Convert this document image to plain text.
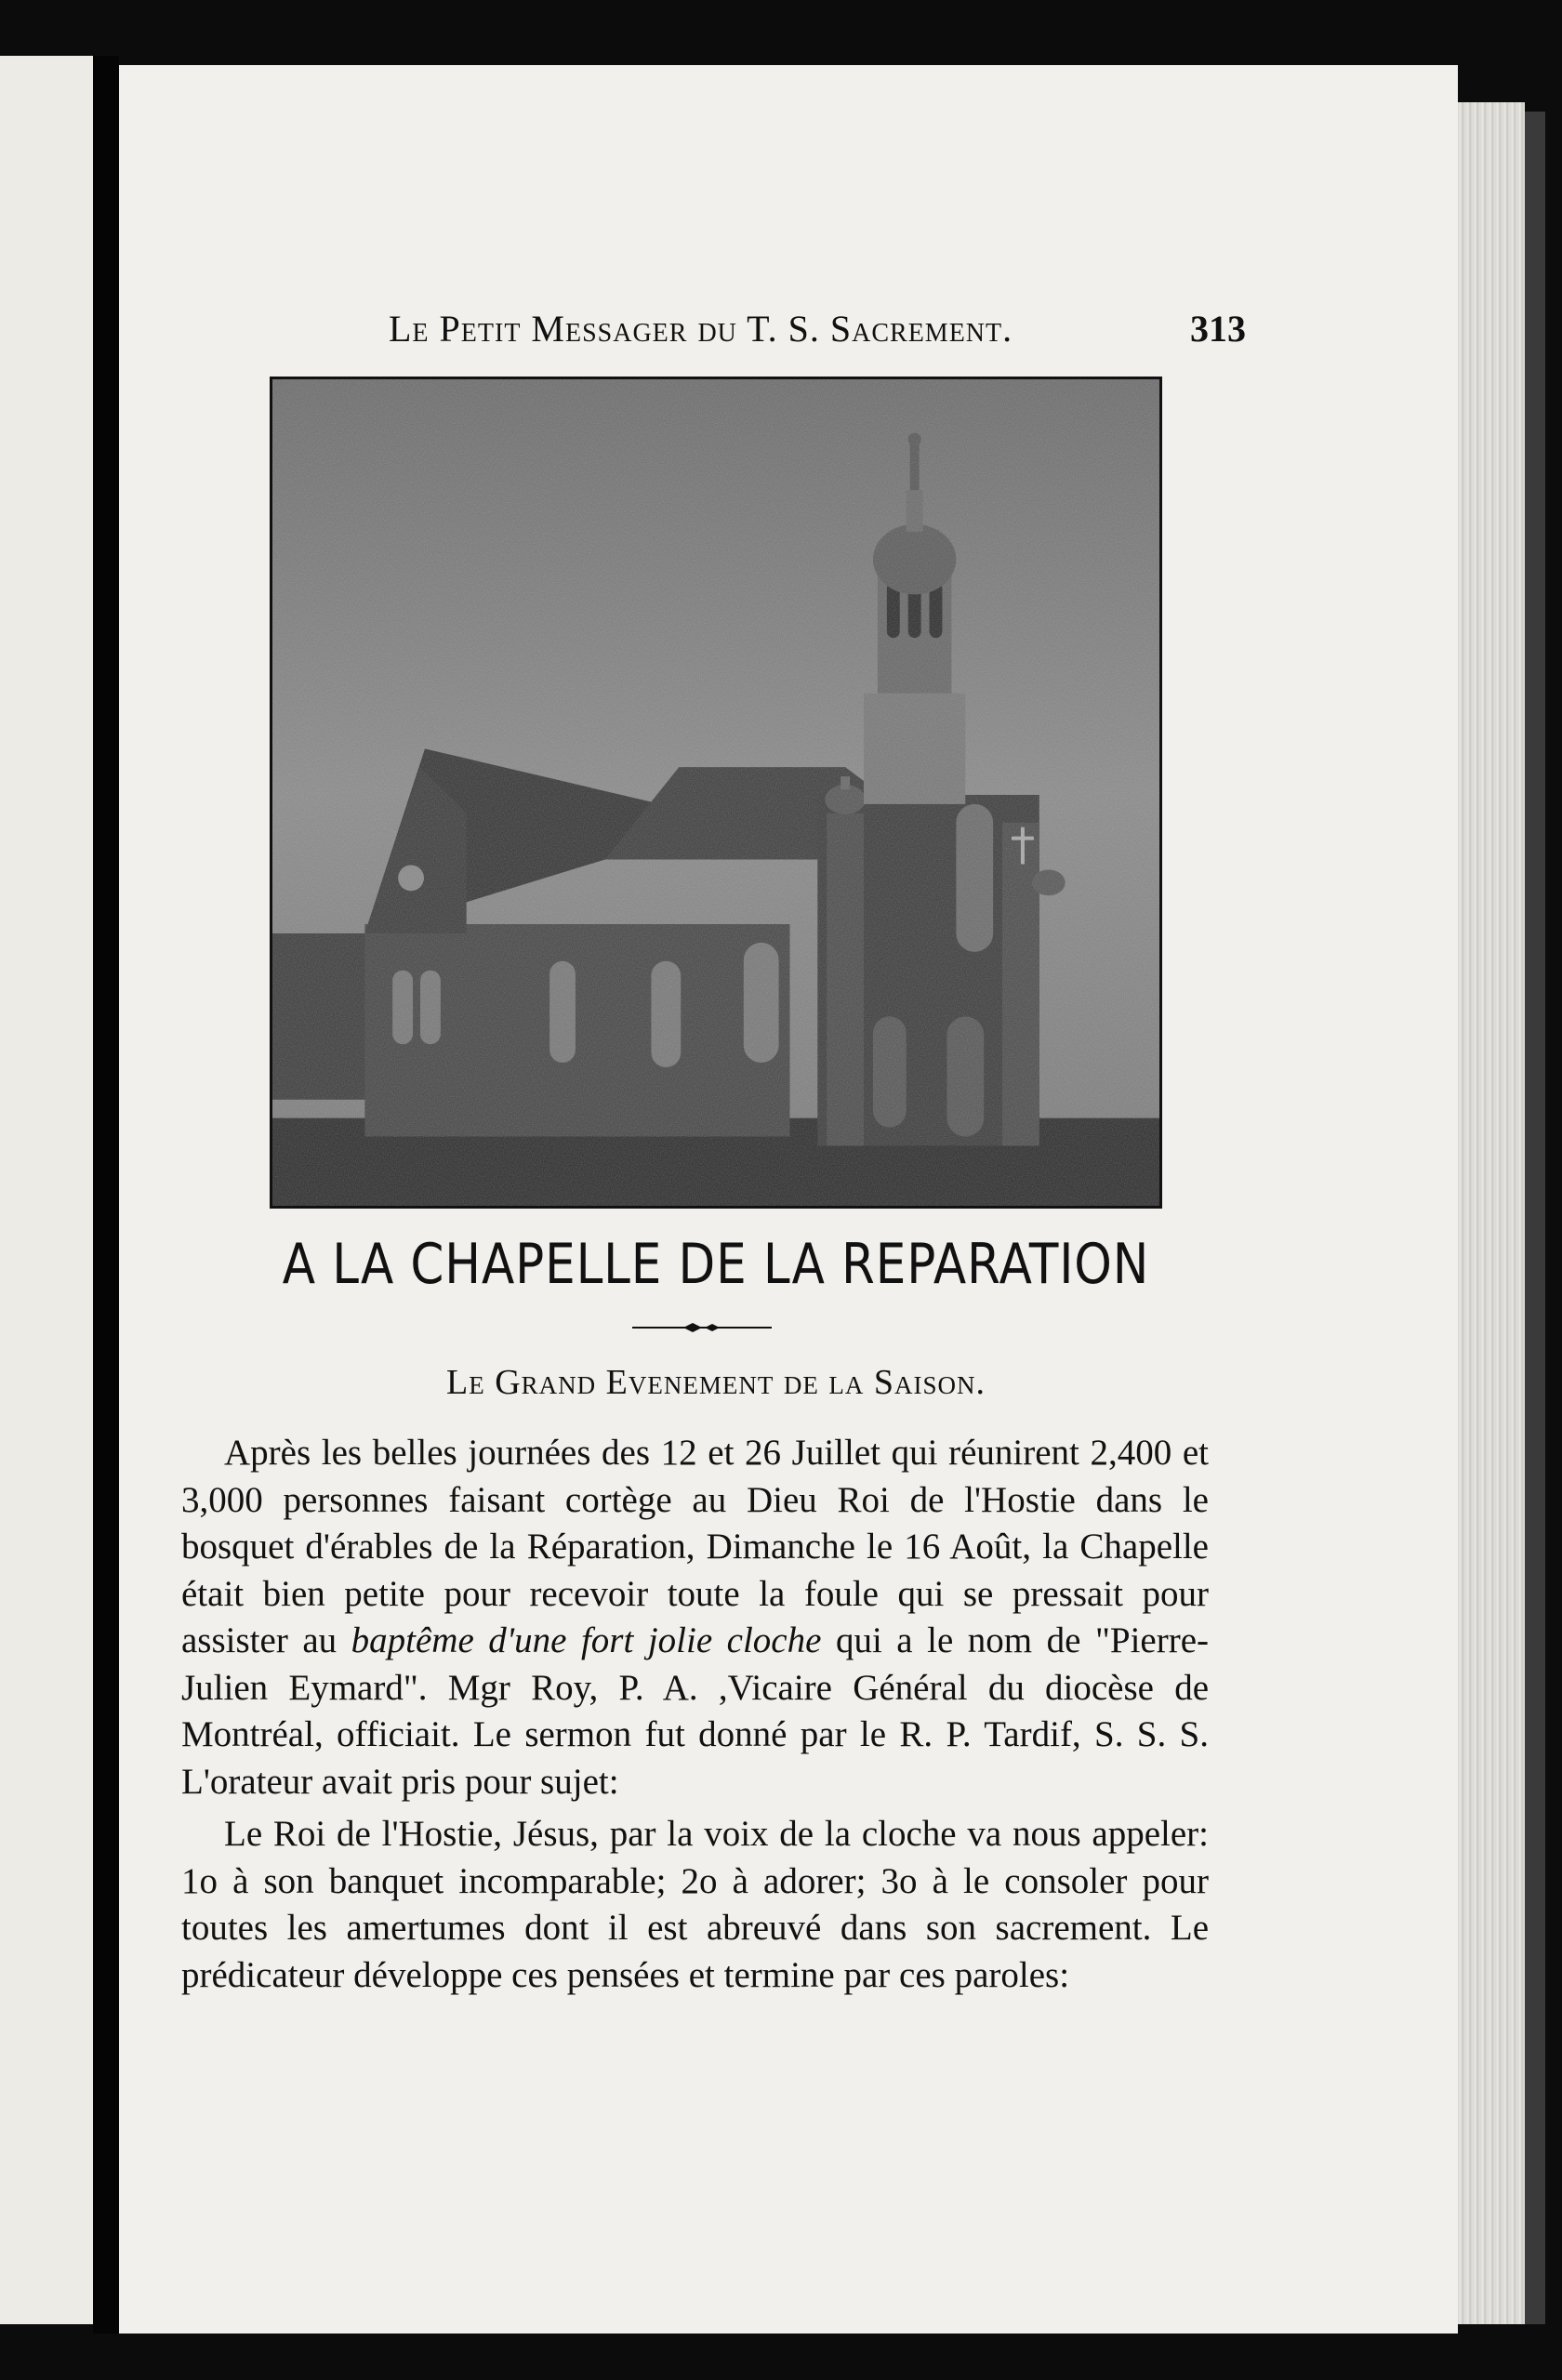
Le Petit Messager du T. S. Sacrement.	313
A LA CHAPELLE DE LA REPARATION
Le Grand Evenement de la Saison.

Après les belles journées des 12 et 26 Juillet qui réunirent 2,400 et 3,000 personnes faisant cortège au Dieu Roi de l'Hostie dans le bosquet d'érables de la Réparation, Dimanche le 16 Août, la Chapelle était bien petite pour recevoir toute la foule qui se pressait pour assister au baptême d'une fort jolie cloche qui a le nom de "Pierre-Julien Eymard". Mgr Roy, P. A. ,Vicaire Général du diocèse de Montréal, officiait. Le sermon fut donné par le R. P. Tardif, S. S. S. L'orateur avait pris pour sujet:

Le Roi de l'Hostie, Jésus, par la voix de la cloche va nous appeler: 1o à son banquet incomparable; 2o à adorer; 3o à le consoler pour toutes les amertumes dont il est abreuvé dans son sacrement. Le prédicateur développe ces pensées et termine par ces paroles:
